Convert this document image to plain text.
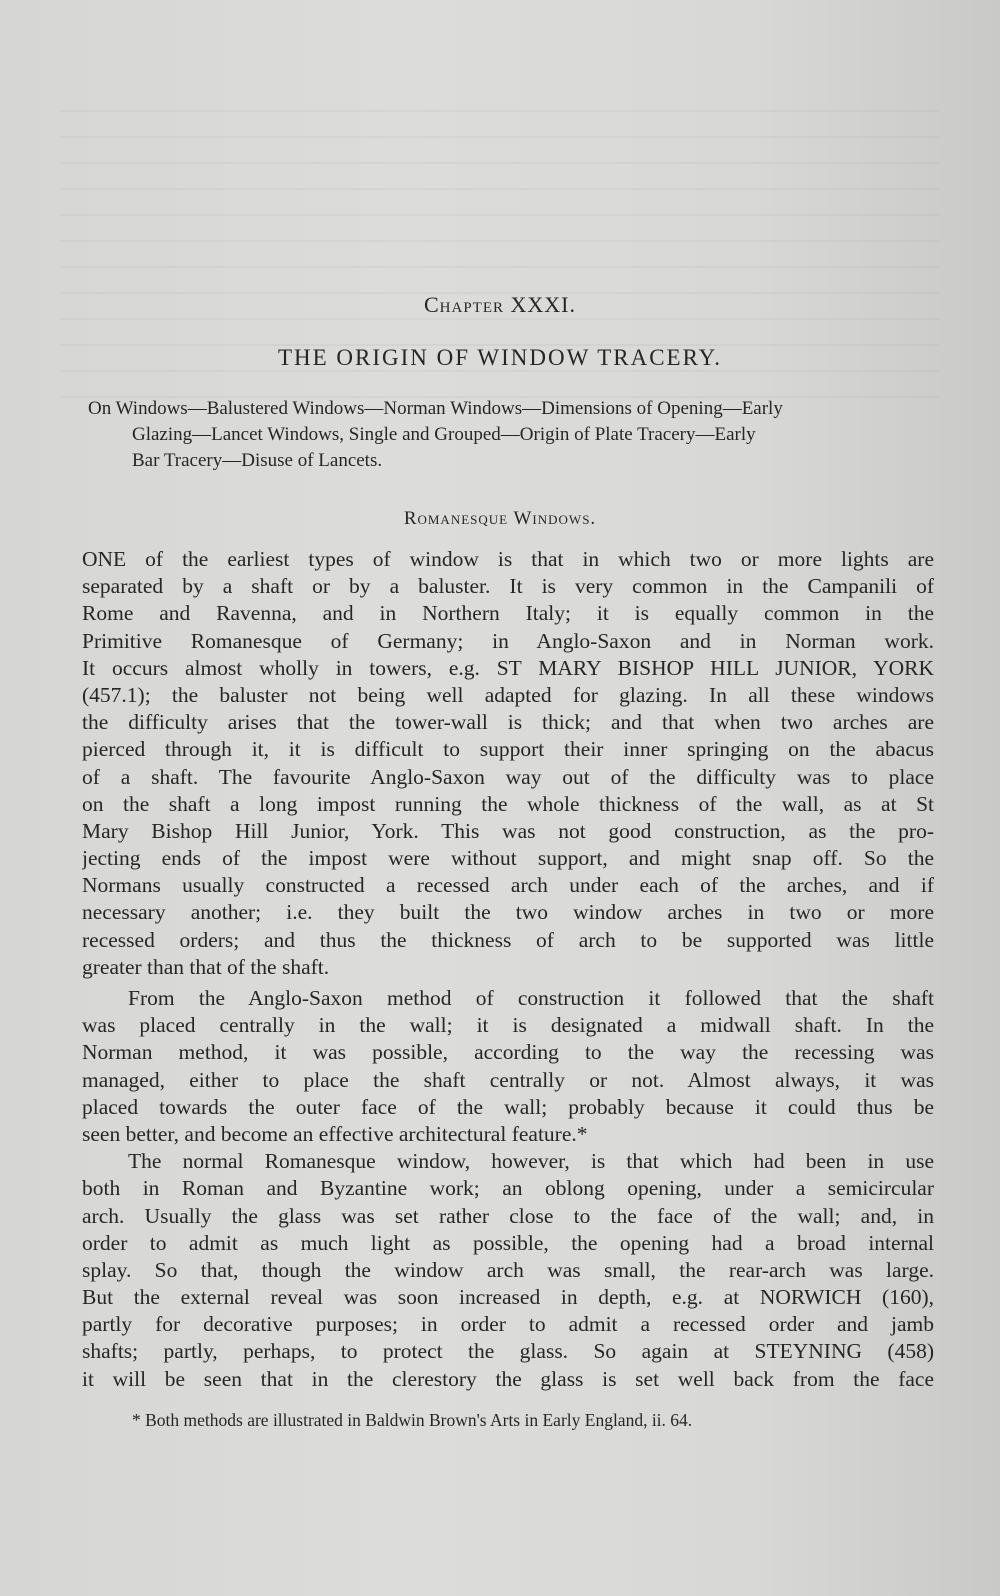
Chapter XXXI.
THE ORIGIN OF WINDOW TRACERY.
On Windows—Balustered Windows—Norman Windows—Dimensions of Opening—Early
Glazing—Lancet Windows, Single and Grouped—Origin of Plate Tracery—Early
Bar Tracery—Disuse of Lancets.
Romanesque Windows.
ONE of the earliest types of window is that in which two or more lights are
separated by a shaft or by a baluster. It is very common in the Campanili of
Rome and Ravenna, and in Northern Italy; it is equally common in the
Primitive Romanesque of Germany; in Anglo-Saxon and in Norman work.
It occurs almost wholly in towers, e.g. ST MARY BISHOP HILL JUNIOR, YORK
(457.1); the baluster not being well adapted for glazing. In all these windows
the difficulty arises that the tower-wall is thick; and that when two arches are
pierced through it, it is difficult to support their inner springing on the abacus
of a shaft. The favourite Anglo-Saxon way out of the difficulty was to place
on the shaft a long impost running the whole thickness of the wall, as at St
Mary Bishop Hill Junior, York. This was not good construction, as the pro-
jecting ends of the impost were without support, and might snap off. So the
Normans usually constructed a recessed arch under each of the arches, and if
necessary another; i.e. they built the two window arches in two or more
recessed orders; and thus the thickness of arch to be supported was little
greater than that of the shaft.
From the Anglo-Saxon method of construction it followed that the shaft
was placed centrally in the wall; it is designated a midwall shaft. In the
Norman method, it was possible, according to the way the recessing was
managed, either to place the shaft centrally or not. Almost always, it was
placed towards the outer face of the wall; probably because it could thus be
seen better, and become an effective architectural feature.*
The normal Romanesque window, however, is that which had been in use
both in Roman and Byzantine work; an oblong opening, under a semicircular
arch. Usually the glass was set rather close to the face of the wall; and, in
order to admit as much light as possible, the opening had a broad internal
splay. So that, though the window arch was small, the rear-arch was large.
But the external reveal was soon increased in depth, e.g. at NORWICH (160),
partly for decorative purposes; in order to admit a recessed order and jamb
shafts; partly, perhaps, to protect the glass. So again at STEYNING (458)
it will be seen that in the clerestory the glass is set well back from the face
* Both methods are illustrated in Baldwin Brown's Arts in Early England, ii. 64.
